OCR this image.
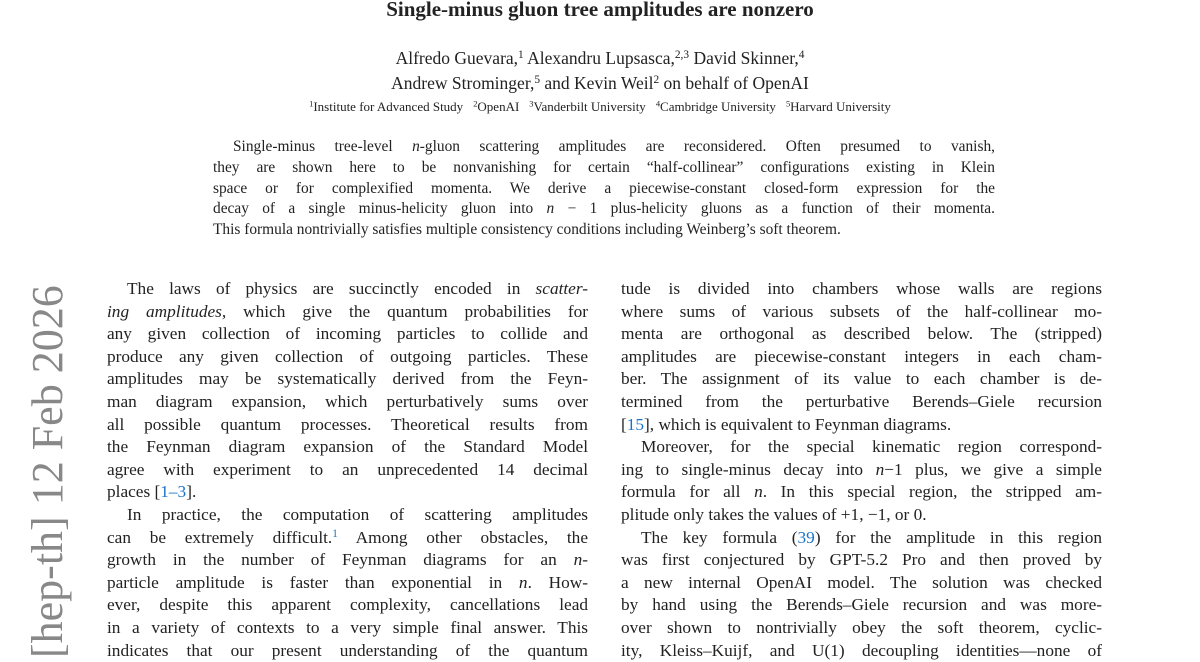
[hep-th] 12 Feb 2026
Single-minus gluon tree amplitudes are nonzero
Alfredo Guevara,$^1$ Alexandru Lupsasca,$^{2,3}$ David Skinner,$^4$
Andrew Strominger,$^5$ and Kevin Weil$^2$ on behalf of OpenAI
$^1$Institute for Advanced Study $^2$OpenAI $^3$Vanderbilt University $^4$Cambridge University $^5$Harvard University
Single-minus tree-level n-gluon scattering amplitudes are reconsidered. Often presumed to vanish,
they are shown here to be nonvanishing for certain “half-collinear” configurations existing in Klein
space or for complexified momenta. We derive a piecewise-constant closed-form expression for the
decay of a single minus-helicity gluon into n − 1 plus-helicity gluons as a function of their momenta.
This formula nontrivially satisfies multiple consistency conditions including Weinberg’s soft theorem.
The laws of physics are succinctly encoded in scatter-
ing amplitudes, which give the quantum probabilities for
any given collection of incoming particles to collide and
produce any given collection of outgoing particles. These
amplitudes may be systematically derived from the Feyn-
man diagram expansion, which perturbatively sums over
all possible quantum processes. Theoretical results from
the Feynman diagram expansion of the Standard Model
agree with experiment to an unprecedented 14 decimal
places [1–3].
In practice, the computation of scattering amplitudes
can be extremely difficult.$^1$ Among other obstacles, the
growth in the number of Feynman diagrams for an n-
particle amplitude is faster than exponential in n. How-
ever, despite this apparent complexity, cancellations lead
in a variety of contexts to a very simple final answer. This
indicates that our present understanding of the quantum
tude is divided into chambers whose walls are regions
where sums of various subsets of the half-collinear mo-
menta are orthogonal as described below. The (stripped)
amplitudes are piecewise-constant integers in each cham-
ber. The assignment of its value to each chamber is de-
termined from the perturbative Berends–Giele recursion
[15], which is equivalent to Feynman diagrams.
Moreover, for the special kinematic region correspond-
ing to single-minus decay into n−1 plus, we give a simple
formula for all n. In this special region, the stripped am-
plitude only takes the values of +1, −1, or 0.
The key formula (39) for the amplitude in this region
was first conjectured by GPT-5.2 Pro and then proved by
a new internal OpenAI model. The solution was checked
by hand using the Berends–Giele recursion and was more-
over shown to nontrivially obey the soft theorem, cyclic-
ity, Kleiss–Kuijf, and U(1) decoupling identities—none of
